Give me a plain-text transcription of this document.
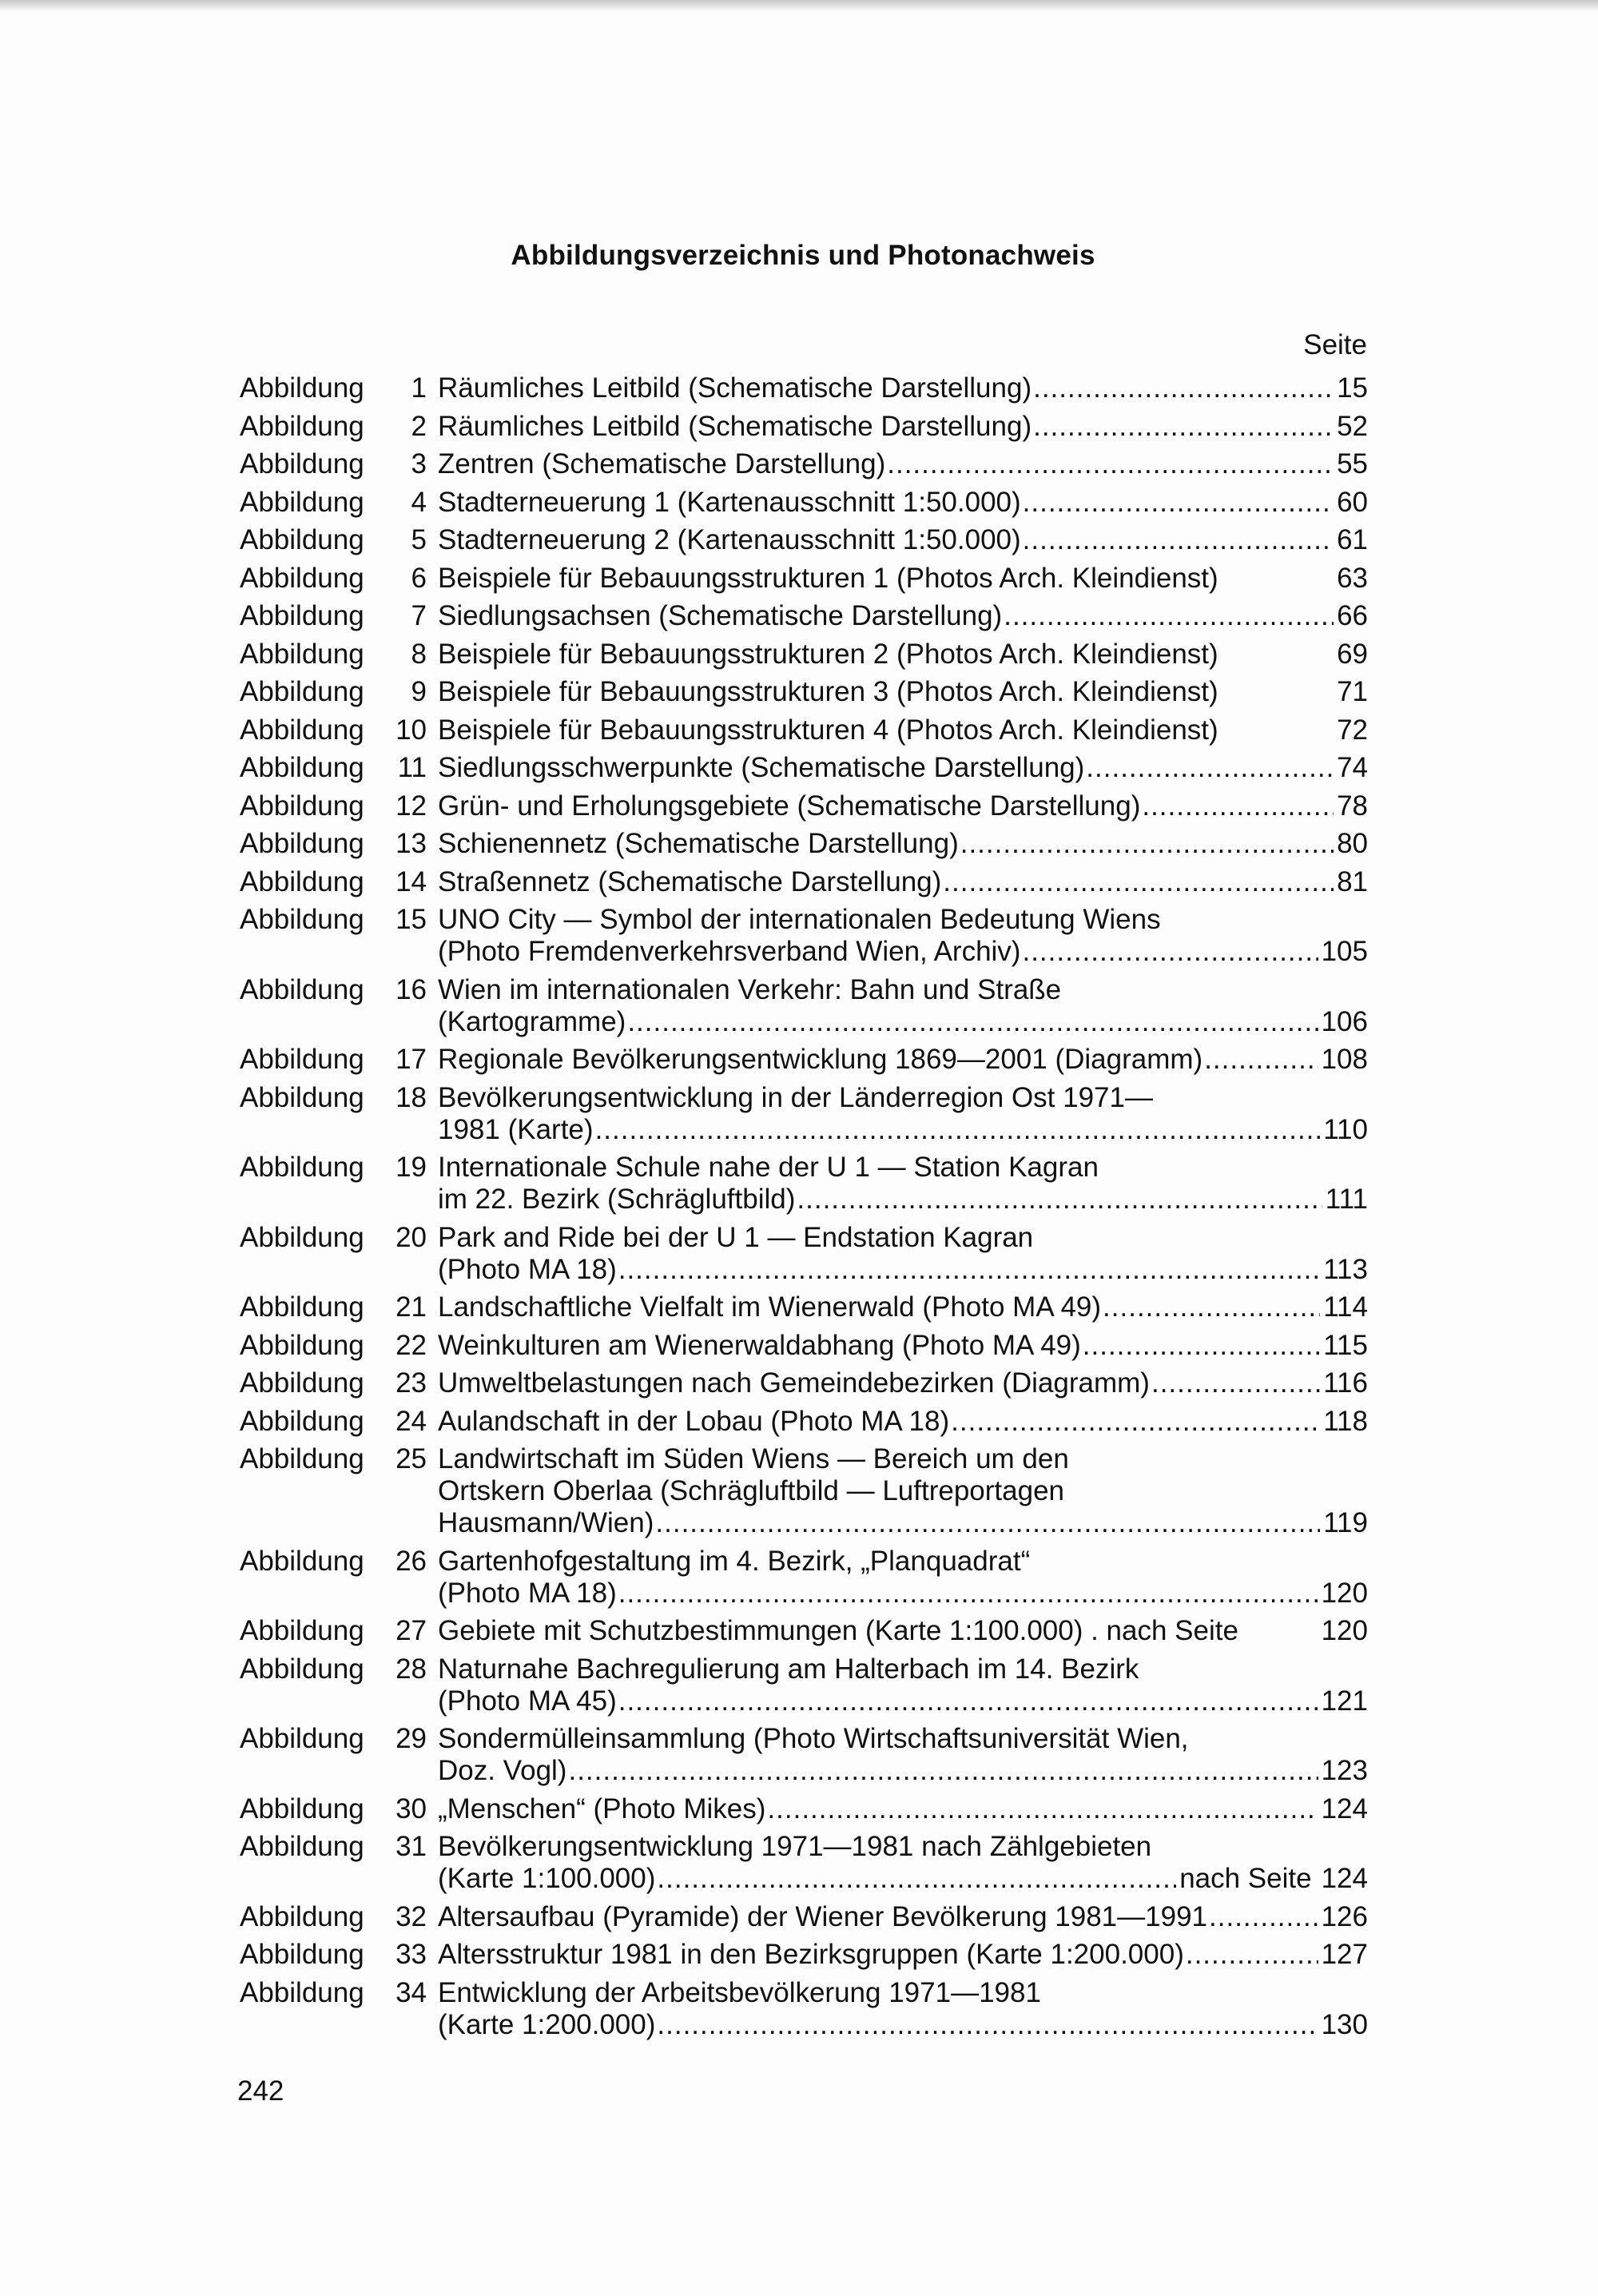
Abbildungsverzeichnis und Photonachweis
Seite
Abbildung	1 Räumliches Leitbild (Schematische Darstellung) .....	15
Abbildung	2 Räumliches Leitbild (Schematische Darstellung) .....	52
Abbildung	3 Zentren (Schematische Darstellung) .....	55
Abbildung	4 Stadterneuerung 1 (Kartenausschnitt 1:50.000) .....	60
Abbildung	5 Stadterneuerung 2 (Kartenausschnitt 1:50.000) .....	61
Abbildung	6 Beispiele für Bebauungsstrukturen 1 (Photos Arch. Kleindienst)	63
Abbildung	7 Siedlungsachsen (Schematische Darstellung) .....	66
Abbildung	8 Beispiele für Bebauungsstrukturen 2 (Photos Arch. Kleindienst)	69
Abbildung	9 Beispiele für Bebauungsstrukturen 3 (Photos Arch. Kleindienst)	71
Abbildung	10 Beispiele für Bebauungsstrukturen 4 (Photos Arch. Kleindienst)	72
Abbildung	11 Siedlungsschwerpunkte (Schematische Darstellung) .....	74
Abbildung	12 Grün- und Erholungsgebiete (Schematische Darstellung) .....	78
Abbildung	13 Schienennetz (Schematische Darstellung) .....	80
Abbildung	14 Straßennetz (Schematische Darstellung) .....	81
Abbildung	15 UNO City — Symbol der internationalen Bedeutung Wiens
(Photo Fremdenverkehrsverband Wien, Archiv) .....	105
Abbildung	16 Wien im internationalen Verkehr: Bahn und Straße
(Kartogramme) .....	106
Abbildung	17 Regionale Bevölkerungsentwicklung 1869—2001 (Diagramm) .....	108
Abbildung	18 Bevölkerungsentwicklung in der Länderregion Ost 1971—
1981 (Karte) .....	110
Abbildung	19 Internationale Schule nahe der U 1 — Station Kagran
im 22. Bezirk (Schrägluftbild) .....	111
Abbildung	20 Park and Ride bei der U 1 — Endstation Kagran
(Photo MA 18) .....	113
Abbildung	21 Landschaftliche Vielfalt im Wienerwald (Photo MA 49) .....	114
Abbildung	22 Weinkulturen am Wienerwaldabhang (Photo MA 49) .....	115
Abbildung	23 Umweltbelastungen nach Gemeindebezirken (Diagramm) .....	116
Abbildung	24 Aulandschaft in der Lobau (Photo MA 18) .....	118
Abbildung	25 Landwirtschaft im Süden Wiens — Bereich um den
Ortskern Oberlaa (Schrägluftbild — Luftreportagen
Hausmann/Wien) .....	119
Abbildung	26 Gartenhofgestaltung im 4. Bezirk, „Planquadrat“
(Photo MA 18) .....	120
Abbildung	27 Gebiete mit Schutzbestimmungen (Karte 1:100.000) . nach Seite	120
Abbildung	28 Naturnahe Bachregulierung am Halterbach im 14. Bezirk
(Photo MA 45) .....	121
Abbildung	29 Sondermülleinsammlung (Photo Wirtschaftsuniversität Wien,
Doz. Vogl) .....	123
Abbildung	30 „Menschen“ (Photo Mikes) .....	124
Abbildung	31 Bevölkerungsentwicklung 1971—1981 nach Zählgebieten
(Karte 1:100.000) .....	nach Seite 124
Abbildung	32 Altersaufbau (Pyramide) der Wiener Bevölkerung 1981—1991 .....	126
Abbildung	33 Altersstruktur 1981 in den Bezirksgruppen (Karte 1:200.000) .....	127
Abbildung	34 Entwicklung der Arbeitsbevölkerung 1971—1981
(Karte 1:200.000) .....	130
242
